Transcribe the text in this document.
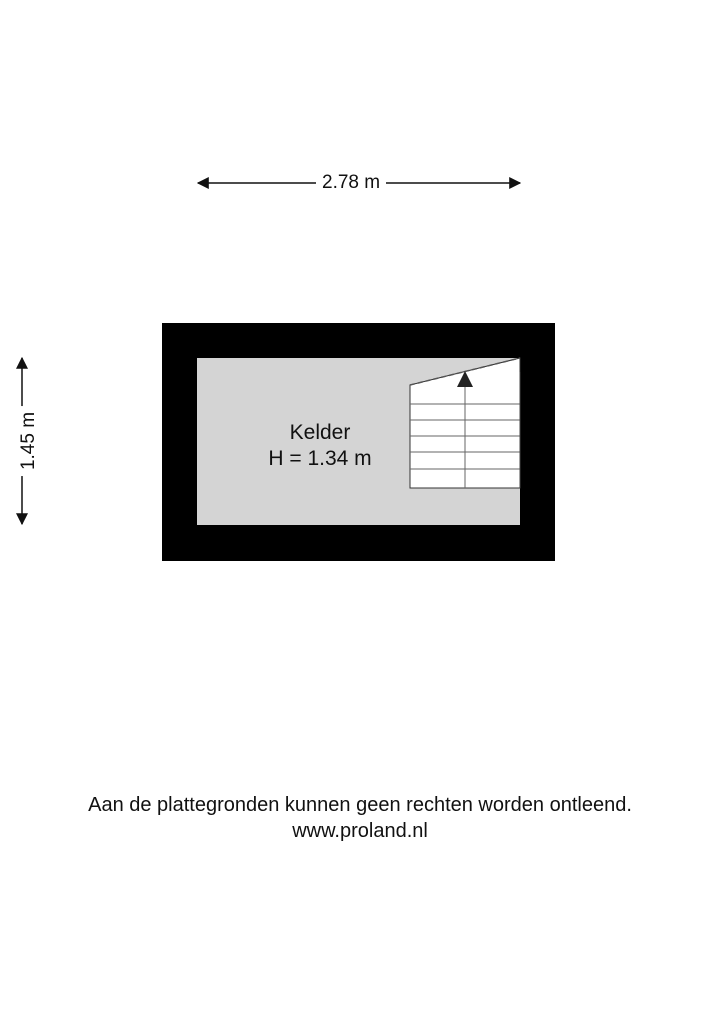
2.78 m
1.45 m	Kelder
H = 1.34 m
Aan de plattegronden kunnen geen rechten worden ontleend.
www.proland.nl
